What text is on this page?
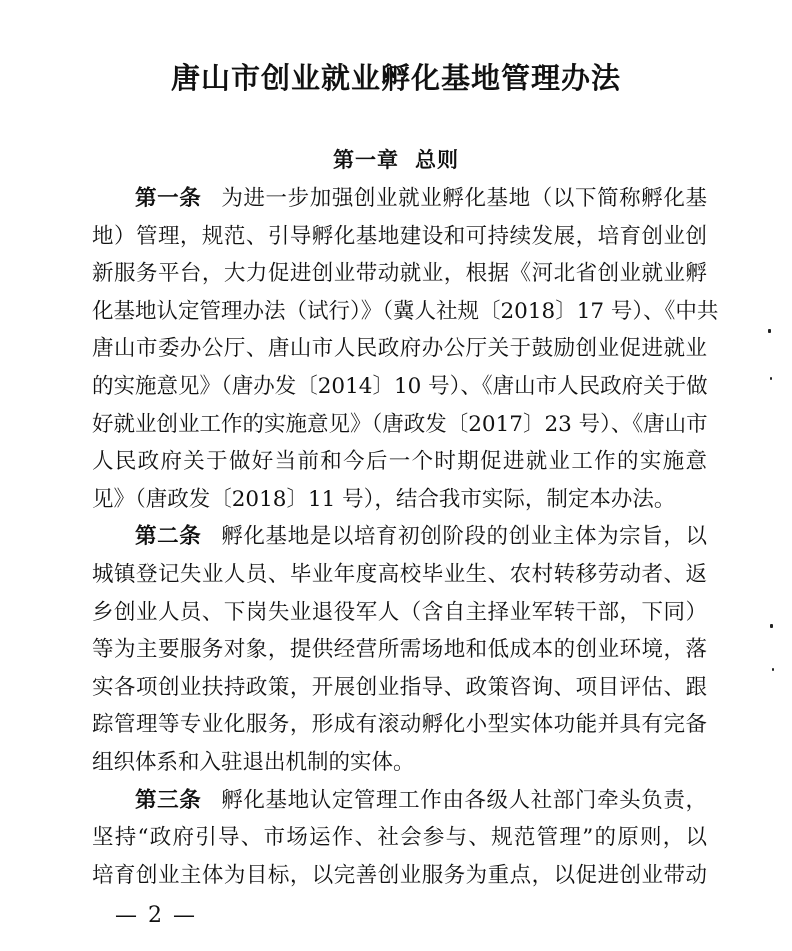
唐山市创业就业孵化基地管理办法
第一章 总则
第一条 为进一步加强创业就业孵化基地（以下简称孵化基
地）管理，规范、引导孵化基地建设和可持续发展，培育创业创
新服务平台，大力促进创业带动就业，根据《河北省创业就业孵
化基地认定管理办法（试行）》（冀人社规〔2018〕17 号）、《中共
唐山市委办公厅、唐山市人民政府办公厅关于鼓励创业促进就业
的实施意见》（唐办发〔2014〕10 号）、《唐山市人民政府关于做
好就业创业工作的实施意见》（唐政发〔2017〕23 号）、《唐山市
人民政府关于做好当前和今后一个时期促进就业工作的实施意
见》（唐政发〔2018〕11 号），结合我市实际，制定本办法。
第二条 孵化基地是以培育初创阶段的创业主体为宗旨，以
城镇登记失业人员、毕业年度高校毕业生、农村转移劳动者、返
乡创业人员、下岗失业退役军人（含自主择业军转干部，下同）
等为主要服务对象，提供经营所需场地和低成本的创业环境，落
实各项创业扶持政策，开展创业指导、政策咨询、项目评估、跟
踪管理等专业化服务，形成有滚动孵化小型实体功能并具有完备
组织体系和入驻退出机制的实体。
第三条 孵化基地认定管理工作由各级人社部门牵头负责，
坚持“政府引导、市场运作、社会参与、规范管理”的原则，以
培育创业主体为目标，以完善创业服务为重点，以促进创业带动
— 2 —
